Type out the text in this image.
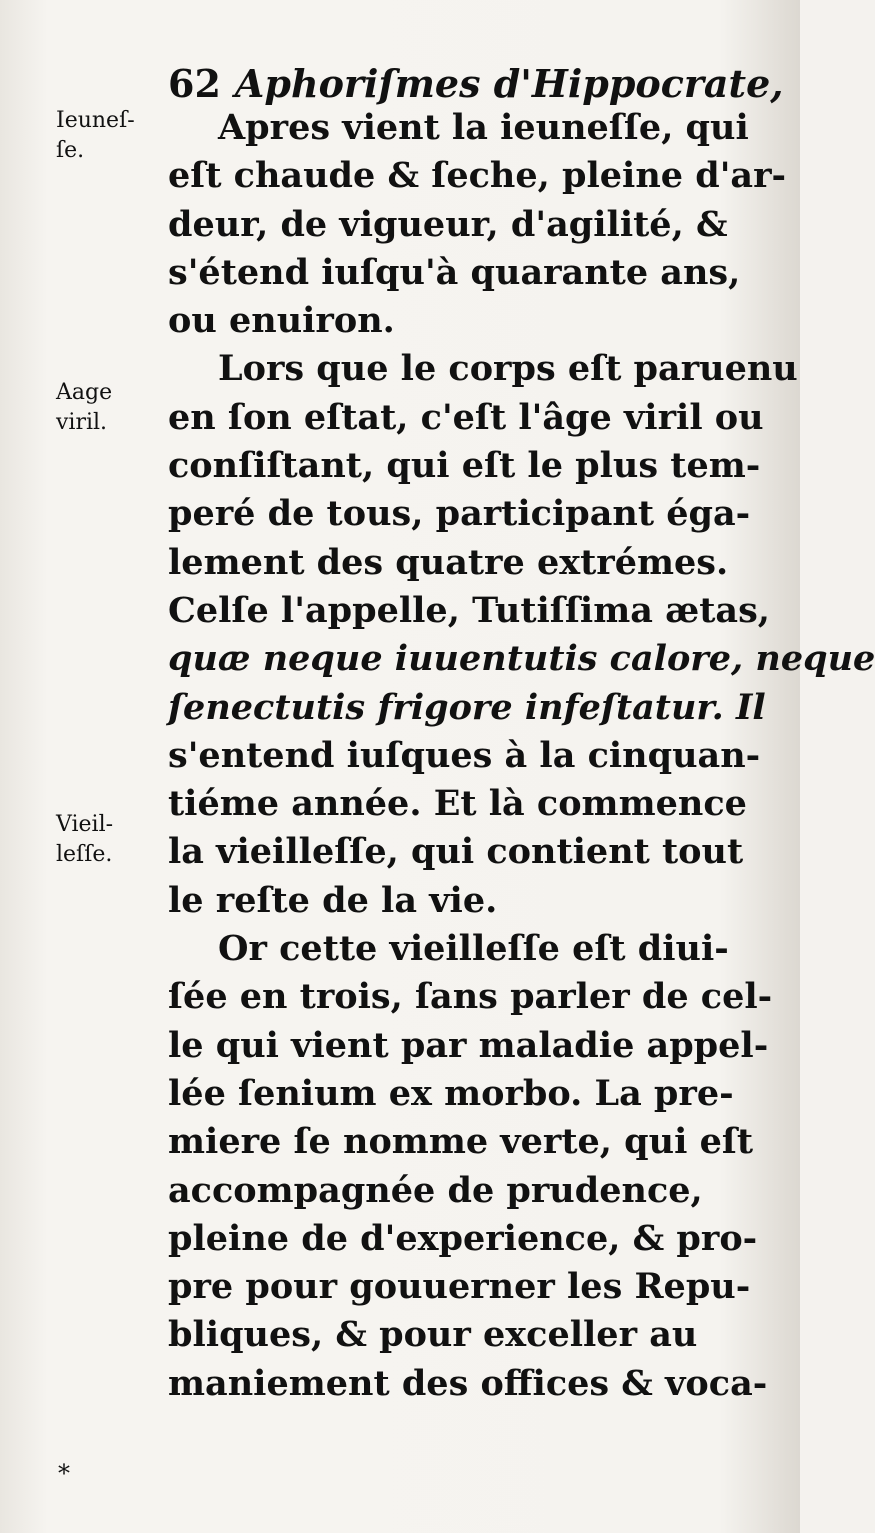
62 Aphoriſmes d'Hippocrate,
Ieuneſ-
ſe.
Aage
viril.
Vieil-
leſſe.
Apres vient la ieuneſſe, qui
eſt chaude & ſeche, pleine d'ar-
deur, de vigueur, d'agilité, &
s'étend iuſqu'à quarante ans,
ou enuiron.
Lors que le corps eſt paruenu
en ſon eſtat, c'eſt l'âge viril ou
conſiſtant, qui eſt le plus tem-
peré de tous, participant éga-
lement des quatre extrémes.
Celſe l'appelle, Tutiſſima ætas,
quæ neque iuuentutis calore, neque
ſenectutis frigore infeſtatur. Il
s'entend iuſques à la cinquan-
tiéme année. Et là commence
la vieilleſſe, qui contient tout
le reſte de la vie.
Or cette vieilleſſe eſt diui-
ſée en trois, ſans parler de cel-
le qui vient par maladie appel-
lée ſenium ex morbo. La pre-
miere ſe nomme verte, qui eſt
accompagnée de prudence,
pleine de d'experience, & pro-
pre pour gouuerner les Repu-
bliques, & pour exceller au
maniement des offices & voca-
⁎
